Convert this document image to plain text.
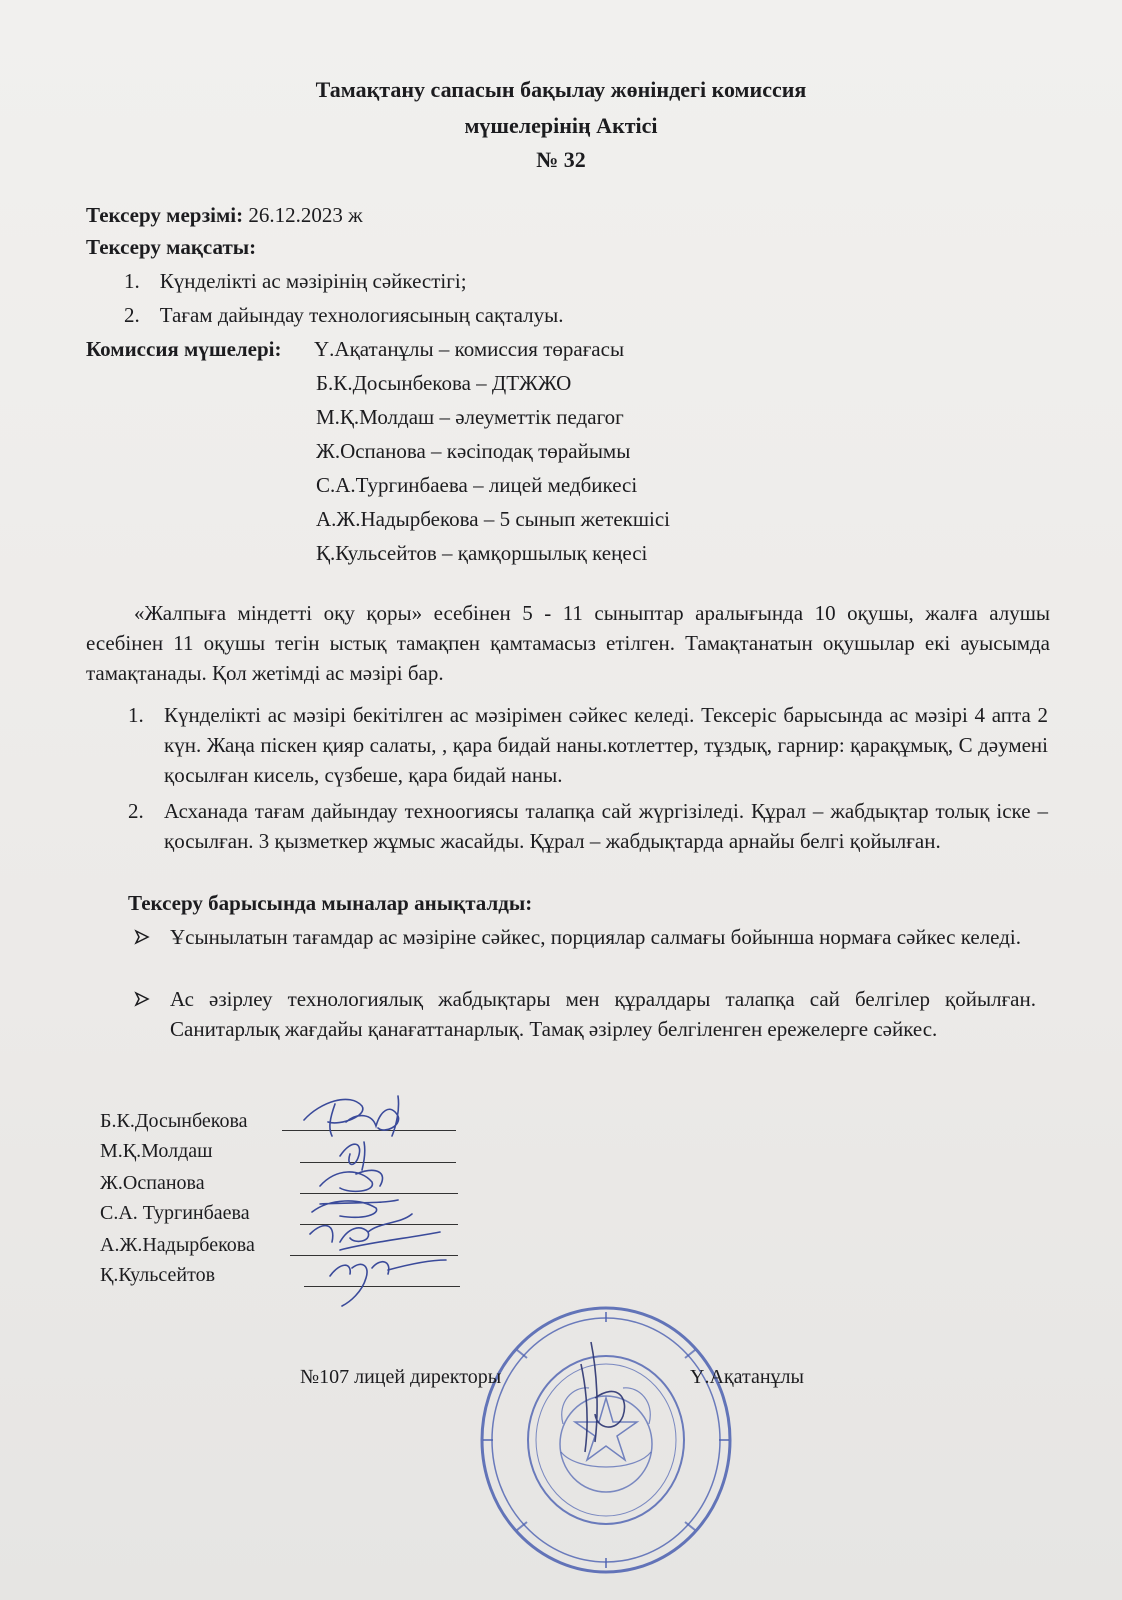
Тамақтану сапасын бақылау жөніндегі комиссия
мүшелерінің Актісі
№ 32
Тексеру мерзімі: 26.12.2023 ж
Тексеру мақсаты:
1. Күнделікті ас мәзірінің сәйкестігі;
2. Тағам дайындау технологиясының сақталуы.
Комиссия мүшелері: Ү.Ақатанұлы – комиссия төрағасы
Б.К.Досынбекова – ДТЖЖО
М.Қ.Молдаш – әлеуметтік педагог
Ж.Оспанова – кәсіподақ төрайымы
С.А.Тургинбаева – лицей медбикесі
А.Ж.Надырбекова – 5 сынып жетекшісі
Қ.Кульсейтов – қамқоршылық кеңесі
«Жалпыға міндетті оқу қоры» есебінен 5 - 11 сыныптар аралығында 10 оқушы, жалға алушы есебінен 11 оқушы тегін ыстық тамақпен қамтамасыз етілген. Тамақтанатын оқушылар екі ауысымда тамақтанады. Қол жетімді ас мәзірі бар.
1. Күнделікті ас мәзірі бекітілген ас мәзірімен сәйкес келеді. Тексеріс барысында ас мәзірі 4 апта 2 күн. Жаңа піскен қияр салаты, , қара бидай наны.котлеттер, тұздық, гарнир: қарақұмық, С дәумені қосылған кисель, сүзбеше, қара бидай наны.
2. Асханада тағам дайындау техноогиясы талапқа сай жүргізіледі. Құрал – жабдықтар толық іске – қосылған. 3 қызметкер жұмыс жасайды. Құрал – жабдықтарда арнайы белгі қойылған.
Тексеру барысында мыналар анықталды:
Ұсынылатын тағамдар ас мәзіріне сәйкес, порциялар салмағы бойынша нормаға сәйкес келеді.
Ас әзірлеу технологиялық жабдықтары мен құралдары талапқа сай белгілер қойылған. Санитарлық жағдайы қанағаттанарлық. Тамақ әзірлеу белгіленген ережелерге сәйкес.
Б.К.Досынбекова
М.Қ.Молдаш
Ж.Оспанова
С.А. Тургинбаева
А.Ж.Надырбекова
Қ.Кульсейтов
№107 лицей директоры	Ү.Ақатанұлы
